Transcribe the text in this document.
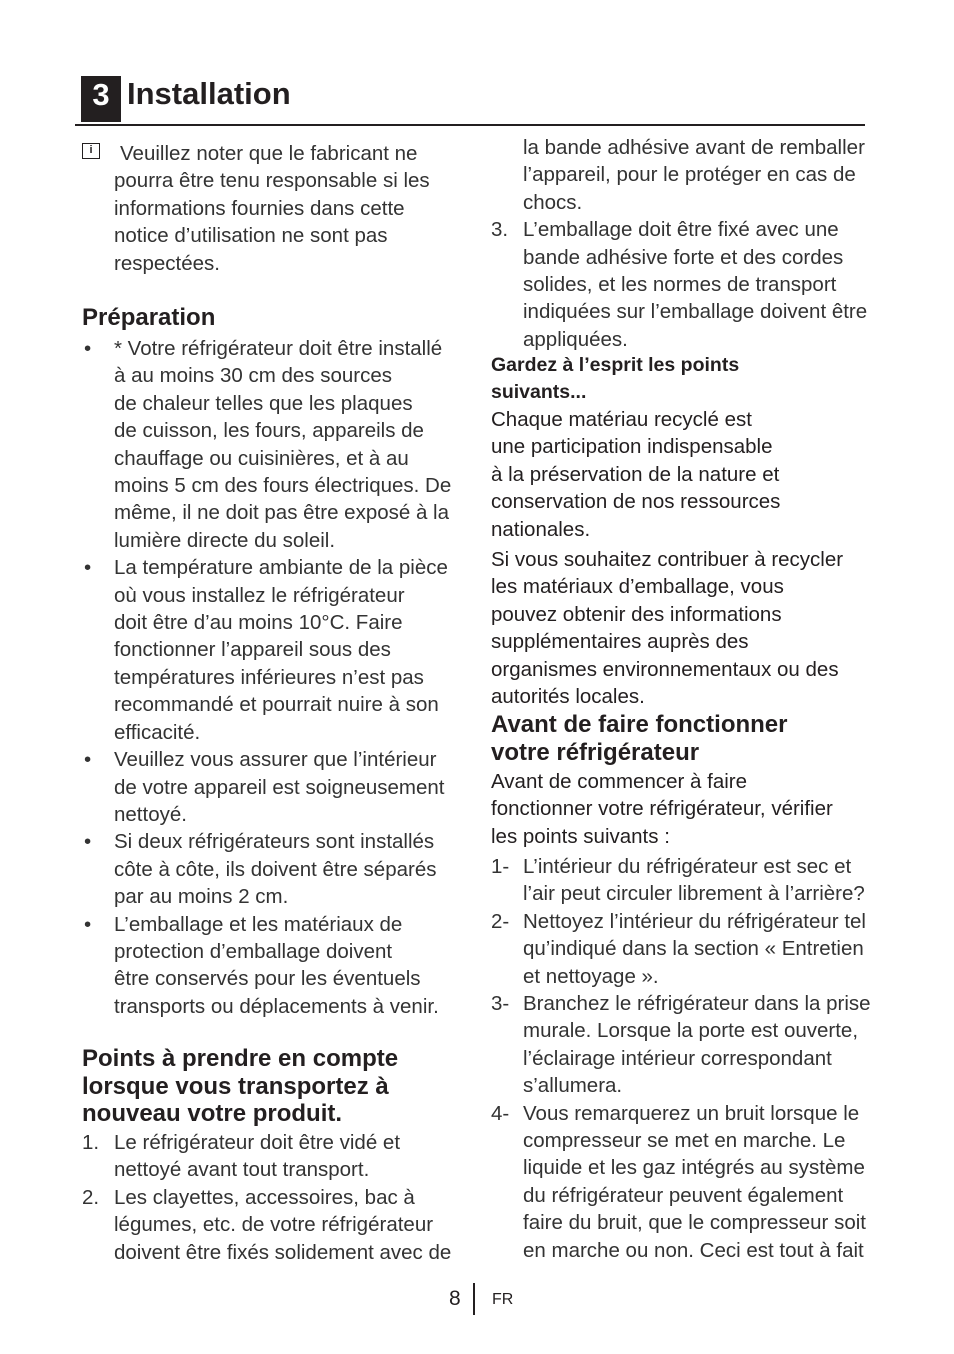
3 Installation
i	Veuillez noter que le fabricant ne
pourra être tenu responsable si les
informations fournies dans cette
notice d’utilisation ne sont pas
respectées.
Préparation
• * Votre réfrigérateur doit être installé
à au moins 30 cm des sources
de chaleur telles que les plaques
de cuisson, les fours, appareils de
chauffage ou cuisinières, et à au
moins 5 cm des fours électriques. De
même, il ne doit pas être exposé à la
lumière directe du soleil.
• La température ambiante de la pièce
où vous installez le réfrigérateur
doit être d’au moins 10°C. Faire
fonctionner l’appareil sous des
températures inférieures n’est pas
recommandé et pourrait nuire à son
efficacité.
• Veuillez vous assurer que l’intérieur
de votre appareil est soigneusement
nettoyé.
• Si deux réfrigérateurs sont installés
côte à côte, ils doivent être séparés
par au moins 2 cm.
• L’emballage et les matériaux de
protection d’emballage doivent
être conservés pour les éventuels
transports ou déplacements à venir.
Points à prendre en compte
lorsque vous transportez à
nouveau votre produit.
1. Le réfrigérateur doit être vidé et
nettoyé avant tout transport.
2. Les clayettes, accessoires, bac à
légumes, etc. de votre réfrigérateur
doivent être fixés solidement avec de
la bande adhésive avant de remballer
l’appareil, pour le protéger en cas de
chocs.
3. L’emballage doit être fixé avec une
bande adhésive forte et des cordes
solides, et les normes de transport
indiquées sur l’emballage doivent être
appliquées.
Gardez à l’esprit les points
suivants...
Chaque matériau recyclé est
une participation indispensable
à la préservation de la nature et
conservation de nos ressources
nationales.
Si vous souhaitez contribuer à recycler
les matériaux d’emballage, vous
pouvez obtenir des informations
supplémentaires auprès des
organismes environnementaux ou des
autorités locales.
Avant de faire fonctionner
votre réfrigérateur
Avant de commencer à faire
fonctionner votre réfrigérateur, vérifier
les points suivants :
1- L’intérieur du réfrigérateur est sec et
l’air peut circuler librement à l’arrière?
2- Nettoyez l’intérieur du réfrigérateur tel
qu’indiqué dans la section « Entretien
et nettoyage ».
3- Branchez le réfrigérateur dans la prise
murale. Lorsque la porte est ouverte,
l’éclairage intérieur correspondant
s’allumera.
4- Vous remarquerez un bruit lorsque le
compresseur se met en marche. Le
liquide et les gaz intégrés au système
du réfrigérateur peuvent également
faire du bruit, que le compresseur soit
en marche ou non. Ceci est tout à fait
8 FR
